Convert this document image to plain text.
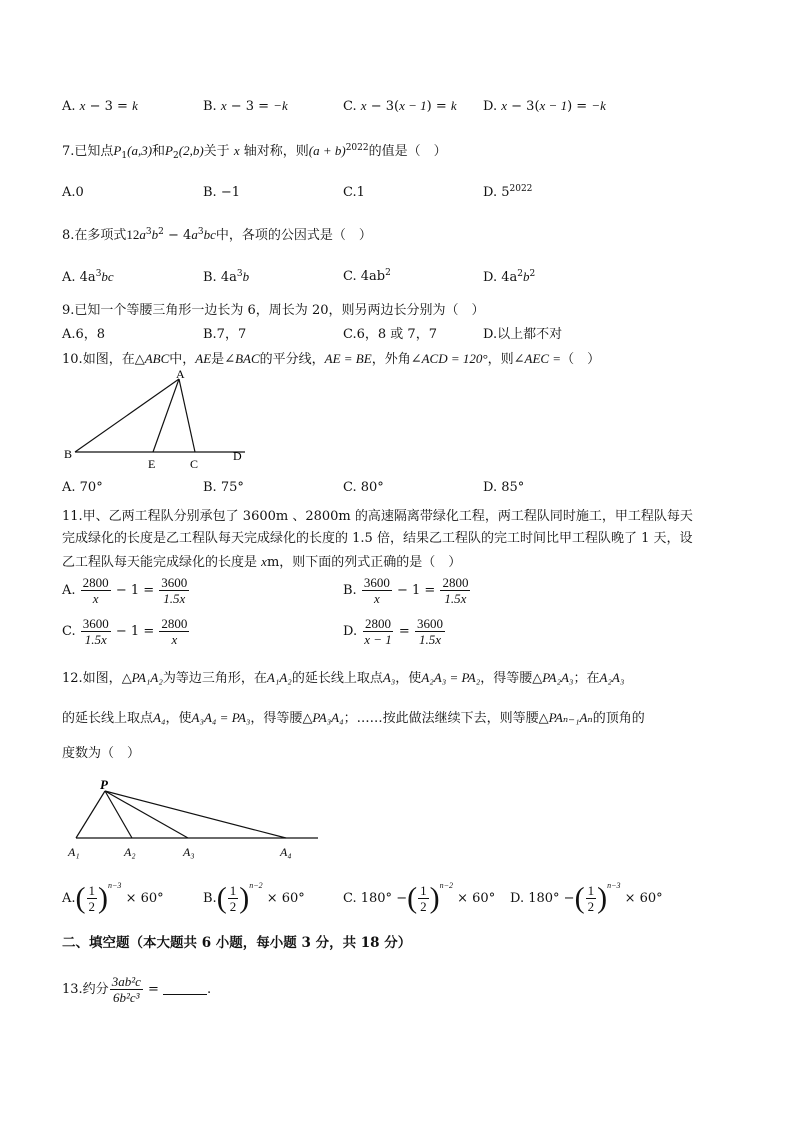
A. x − 3 = k	B. x − 3 = −k	C. x − 3(x − 1) = k D. x − 3(x − 1) = −k
7.已知点$P_1(a,3)$和$P_2(2,b)$关于 x 轴对称，则$(a + b)^{2022}$的值是（　）
A.0	B. −1	C.1	D. $5^{2022}$
8.在多项式$12a^3b^2 - 4a^3bc$中，各项的公因式是（　）
A. $4a^3bc$	B. $4a^3b$	C. $4ab^2$	D. $4a^2b^2$
9.已知一个等腰三角形一边长为 6，周长为 20，则另两边长分别为（　）
A.6，8	B.7，7	C.6，8 或 7，7	D.以上都不对
10.如图，在△ABC中，AE是∠BAC的平分线，AE = BE，外角∠ACD = 120°，则∠AEC =（　）
A
B
E	C
D
A. 70°	B. 75°	C. 80°	D. 85°
11.甲、乙两工程队分别承包了 3600m 、2800m 的高速隔离带绿化工程，两工程队同时施工，甲工程队每天
完成绿化的长度是乙工程队每天完成绿化的长度的 1.5 倍，结果乙工程队的完工时间比甲工程队晚了 1 天，设
乙工程队每天能完成绿化的长度是 xm，则下面的列式正确的是（　）
A. $\frac{2800}{x} - 1 = \frac{3600}{1.5x}$	B. $\frac{3600}{x} - 1 = \frac{2800}{1.5x}$
C. $\frac{3600}{1.5x} - 1 = \frac{2800}{x}$	D. $\frac{2800}{x - 1} = \frac{3600}{1.5x}$
12.如图，△PA₁A₂为等边三角形，在A₁A₂的延长线上取点A₃，使A₂A₃ = PA₂，得等腰△PA₂A₃；在A₂A₃
的延长线上取点A₄，使A₃A₄ = PA₃，得等腰△PA₃A₄；……按此做法继续下去，则等腰△PAₙ₋₁Aₙ的顶角的
度数为（　）
P
A₁	A₂	A₃	A₄
$A.( \frac{1}{2} )n-3 \times 60^\circ$	$B.( \frac{1}{2} )n-2 \times 60^\circ$	C. 180° −( $\frac{1}{2} )n-2 \times 60^\circ$ D. 180° −( $\frac{1}{2} )n-3 \times 60^\circ$
二、填空题（本大题共 6 小题，每小题 3 分，共 18 分）
13.约分 $\frac{\text{3ab²c}}{\text{6b²c³}}$ =	.
